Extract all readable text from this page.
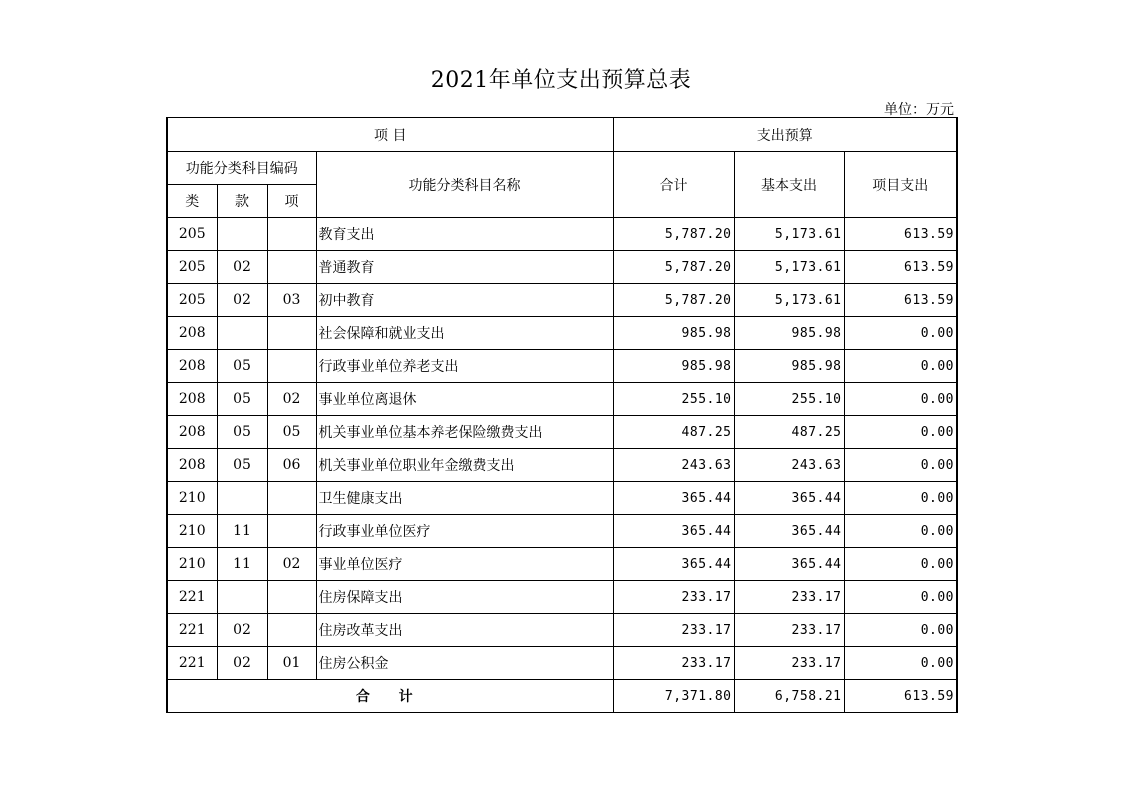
2021年单位支出预算总表
单位：万元
项 目				支出预算		
功能分类科目编码			功能分类科目名称	合计	基本支出	项目支出
类	款	项				
205			教育支出	5,787.20	5,173.61	613.59
205	02		普通教育	5,787.20	5,173.61	613.59
205	02	03	初中教育	5,787.20	5,173.61	613.59
208			社会保障和就业支出	985.98	985.98	0.00
208	05		行政事业单位养老支出	985.98	985.98	0.00
208	05	02	事业单位离退休	255.10	255.10	0.00
208	05	05	机关事业单位基本养老保险缴费支出	487.25	487.25	0.00
208	05	06	机关事业单位职业年金缴费支出	243.63	243.63	0.00
210			卫生健康支出	365.44	365.44	0.00
210	11		行政事业单位医疗	365.44	365.44	0.00
210	11	02	事业单位医疗	365.44	365.44	0.00
221			住房保障支出	233.17	233.17	0.00
221	02		住房改革支出	233.17	233.17	0.00
221	02	01	住房公积金	233.17	233.17	0.00
合 计				7,371.80	6,758.21	613.59
